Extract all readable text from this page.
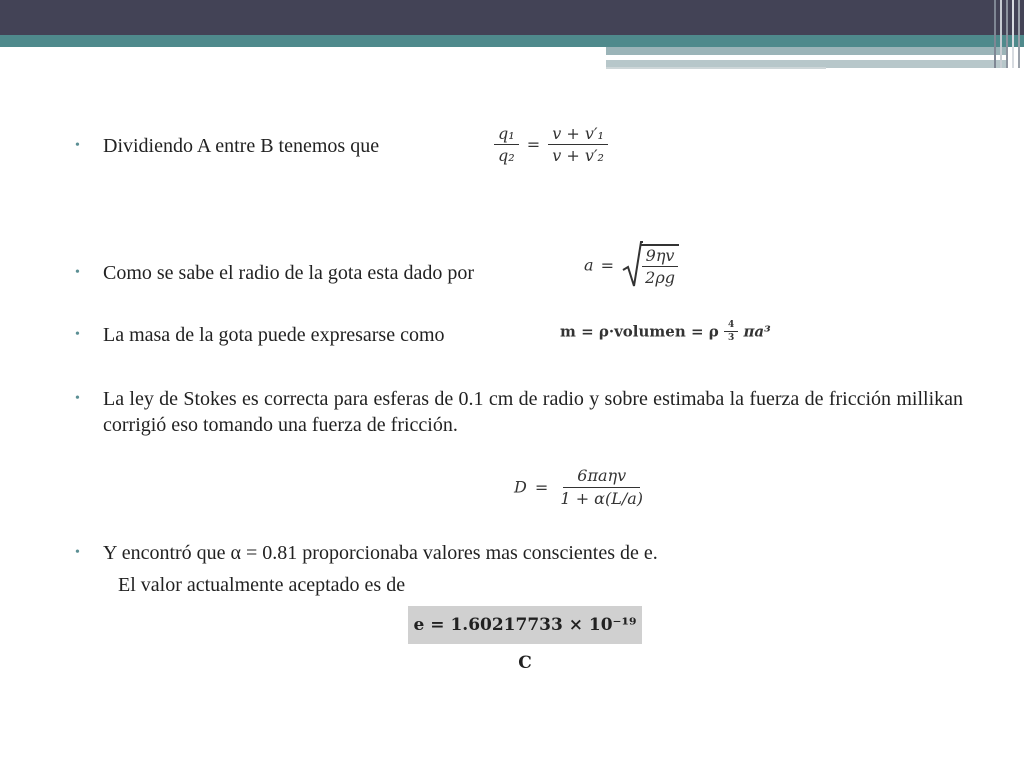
• Dividiendo A entre B tenemos que	$\frac{\text{q₁}}{\text{q₂}} = \frac{\text{v + v′₁}}{\text{v + v′₂}}$
• Como se sabe el radio de la gota esta dado por	$a = \frac{9\eta v}{2\rho g}$
• La masa de la gota puede expresarse como	m = ρ·volumen = ρ $\frac{4}{3} \pi a^3$
• La ley de Stokes es correcta para esferas de 0.1 cm de radio y sobre estimaba la fuerza de fricción millikan corrigió eso tomando una fuerza de fricción.
$D = \frac{\text{6πaηv}}{1 + \alpha(L/a)}$
• Y encontró que α = 0.81 proporcionaba valores mas conscientes de e.
El valor actualmente aceptado es de
e = 1.60217733 × 10⁻¹⁹ C
